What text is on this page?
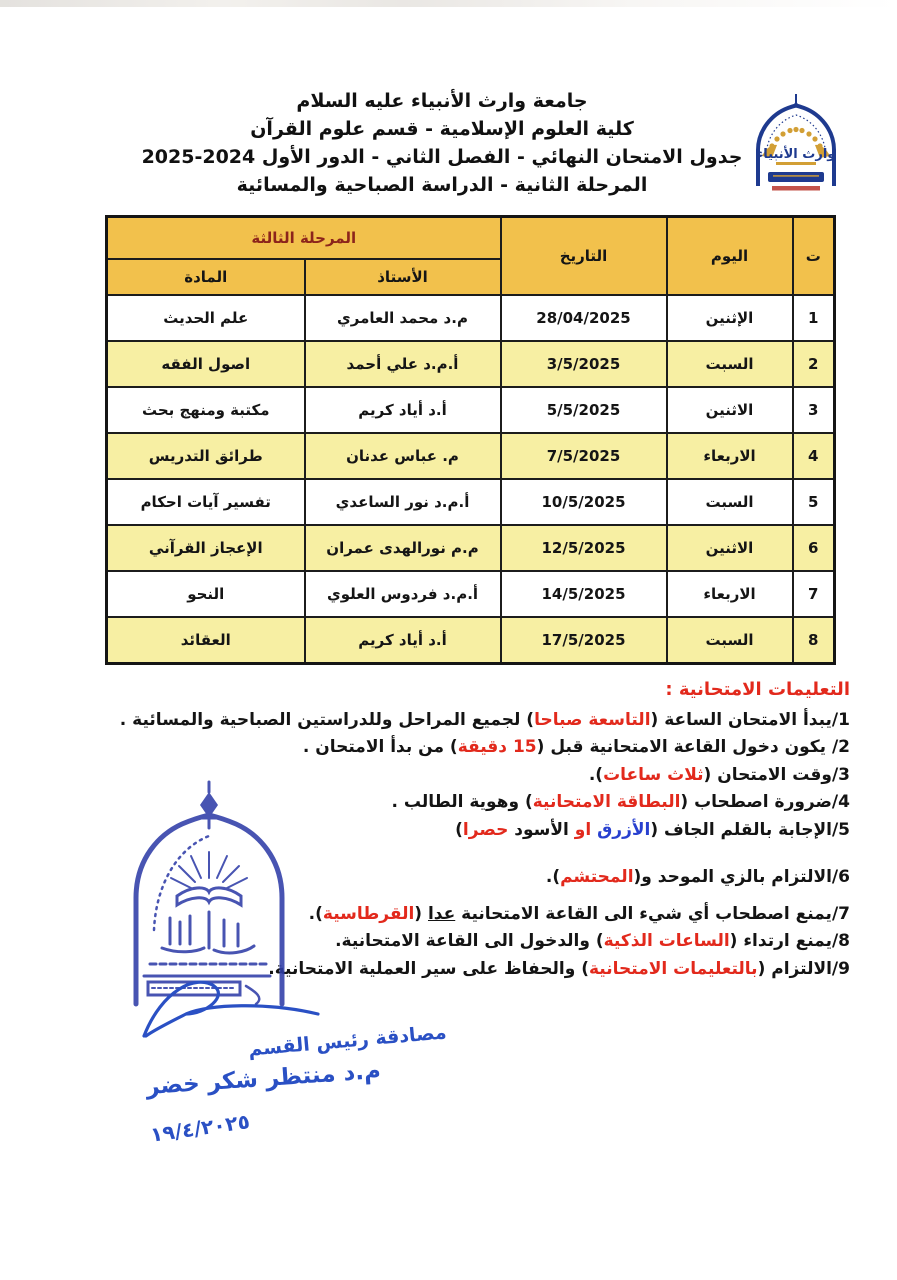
جامعة وارث الأنبياء عليه السلام
كلية العلوم الإسلامية - قسم علوم القرآن
جدول الامتحان النهائي - الفصل الثاني - الدور الأول 2024-2025
المرحلة الثانية - الدراسة الصباحية والمسائية
وارث الأنبياء
ت	اليوم	التاريخ	المرحلة الثالثة	
			الأستاذ	المادة
1	الإثنين	28/04/2025	م.د محمد العامري	علم الحديث
2	السبت	3/5/2025	أ.م.د علي أحمد	اصول الفقه
3	الاثنين	5/5/2025	أ.د أياد كريم	مكتبة ومنهج بحث
4	الاربعاء	7/5/2025	م. عباس عدنان	طرائق التدريس
5	السبت	10/5/2025	أ.م.د نور الساعدي	تفسير آيات احكام
6	الاثنين	12/5/2025	م.م نورالهدى عمران	الإعجاز القرآني
7	الاربعاء	14/5/2025	أ.م.د فردوس العلوي	النحو
8	السبت	17/5/2025	أ.د أياد كريم	العقائد
التعليمات الامتحانية :
1/يبدأ الامتحان الساعة (التاسعة صباحا) لجميع المراحل وللدراستين الصباحية والمسائية .
2/ يكون دخول القاعة الامتحانية قبل (15 دقيقة) من بدأ الامتحان .
3/وقت الامتحان (ثلاث ساعات).
4/ضرورة اصطحاب (البطاقة الامتحانية) وهوية الطالب .
5/الإجابة بالقلم الجاف (الأزرق او الأسود حصرا)
6/الالتزام بالزي الموحد و(المحتشم).
7/يمنع اصطحاب أي شيء الى القاعة الامتحانية عدا (القرطاسية).
8/يمنع ارتداء (الساعات الذكية) والدخول الى القاعة الامتحانية.
9/الالتزام (بالتعليمات الامتحانية) والحفاظ على سير العملية الامتحانية.
مصادقة رئيس القسم
م.د منتظر شكر خضر
١٩/٤/٢٠٢٥
